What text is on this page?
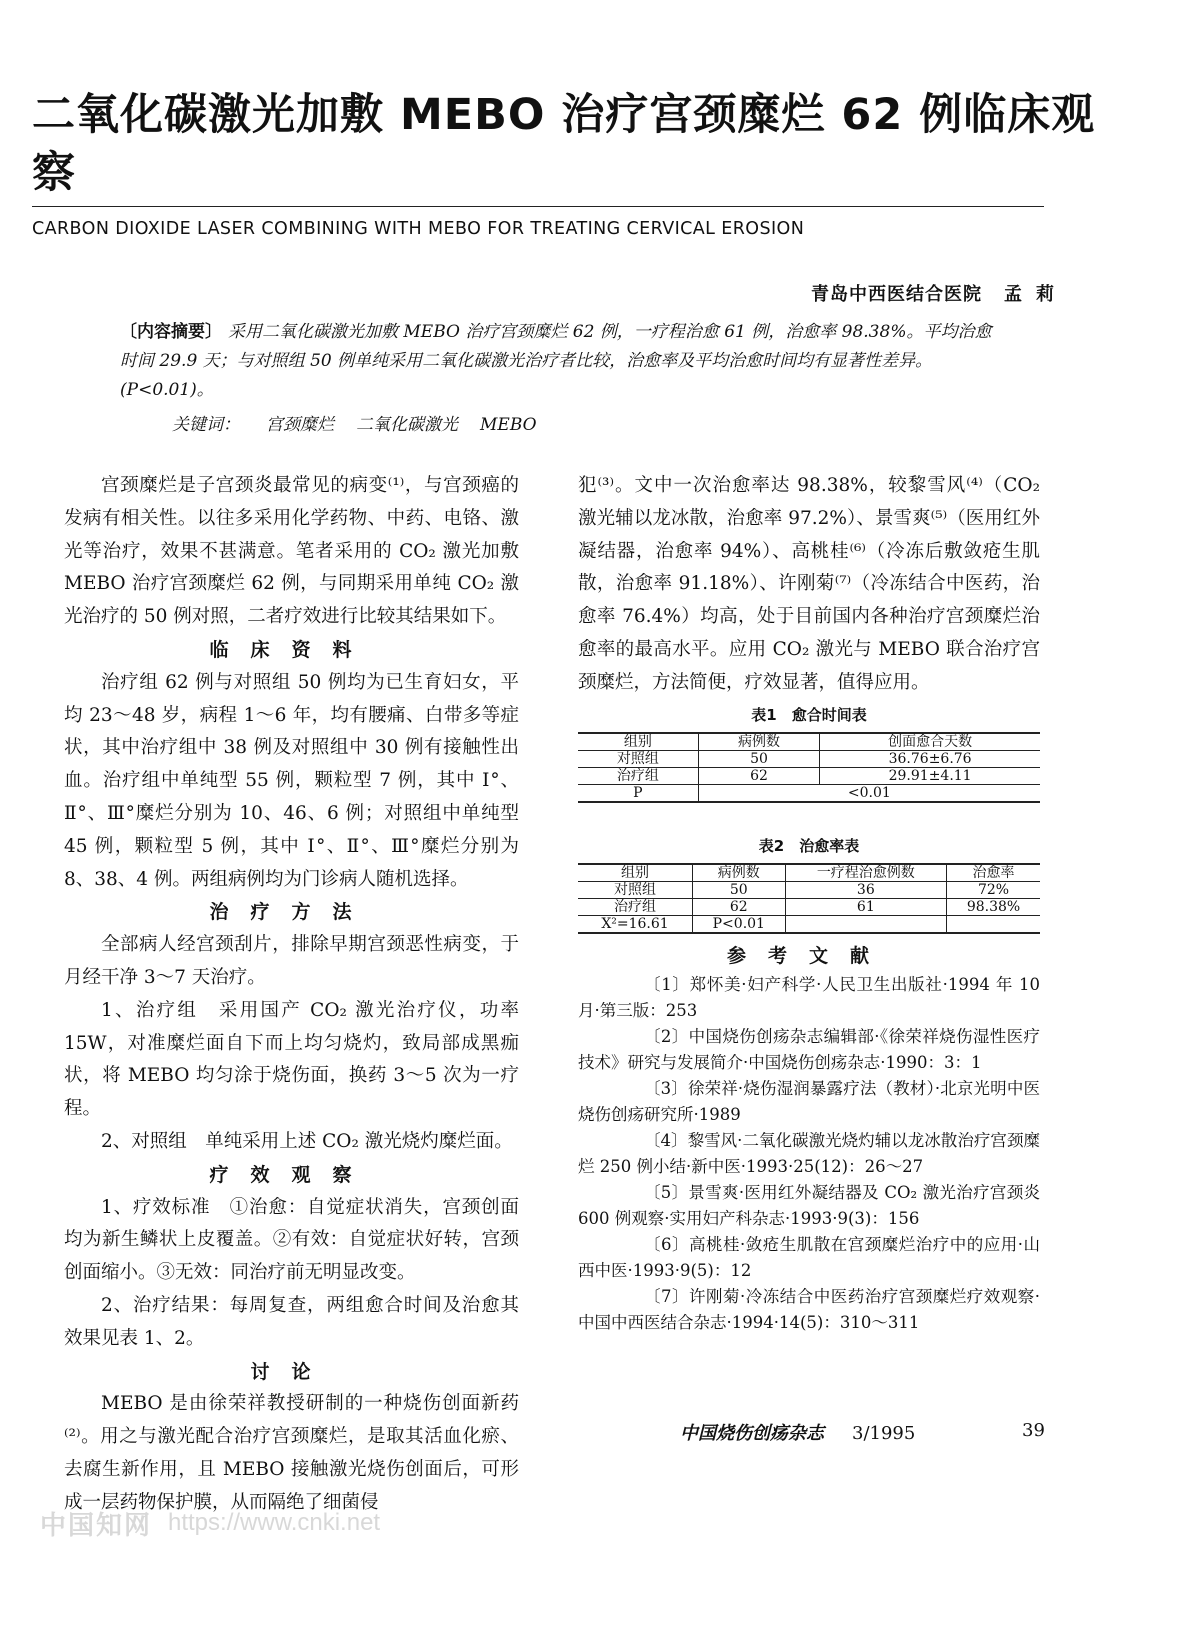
二氧化碳激光加敷 MEBO 治疗宫颈糜烂 62 例临床观察
CARBON DIOXIDE LASER COMBINING WITH MEBO FOR TREATING CERVICAL EROSION
青岛中西医结合医院 孟莉
〔内容摘要〕 采用二氧化碳激光加敷 MEBO 治疗宫颈糜烂 62 例，一疗程治愈 61 例，治愈率 98.38%。平均治愈时间 29.9 天；与对照组 50 例单纯采用二氧化碳激光治疗者比较，治愈率及平均治愈时间均有显著性差异。(P<0.01)。
关键词： 宫颈糜烂 二氧化碳激光 MEBO

宫颈糜烂是子宫颈炎最常见的病变⁽¹⁾，与宫颈癌的发病有相关性。以往多采用化学药物、中药、电铬、激光等治疗，效果不甚满意。笔者采用的 CO₂ 激光加敷 MEBO 治疗宫颈糜烂 62 例，与同期采用单纯 CO₂ 激光治疗的 50 例对照，二者疗效进行比较其结果如下。

临床资料

治疗组 62 例与对照组 50 例均为已生育妇女，平均 23～48 岁，病程 1～6 年，均有腰痛、白带多等症状，其中治疗组中 38 例及对照组中 30 例有接触性出血。治疗组中单纯型 55 例，颗粒型 7 例，其中 Ⅰ°、Ⅱ°、Ⅲ°糜烂分别为 10、46、6 例；对照组中单纯型 45 例，颗粒型 5 例，其中 Ⅰ°、Ⅱ°、Ⅲ°糜烂分别为 8、38、4 例。两组病例均为门诊病人随机选择。

治疗方法

全部病人经宫颈刮片，排除早期宫颈恶性病变，于月经干净 3～7 天治疗。

1、治疗组　采用国产 CO₂ 激光治疗仪，功率 15W，对准糜烂面自下而上均匀烧灼，致局部成黑痂状，将 MEBO 均匀涂于烧伤面，换药 3～5 次为一疗程。

2、对照组　单纯采用上述 CO₂ 激光烧灼糜烂面。

疗效观察

1、疗效标准　①治愈：自觉症状消失，宫颈创面均为新生鳞状上皮覆盖。②有效：自觉症状好转，宫颈创面缩小。③无效：同治疗前无明显改变。

2、治疗结果：每周复查，两组愈合时间及治愈其效果见表 1、2。

讨论

MEBO 是由徐荣祥教授研制的一种烧伤创面新药⁽²⁾。用之与激光配合治疗宫颈糜烂，是取其活血化瘀、去腐生新作用，且 MEBO 接触激光烧伤创面后，可形成一层药物保护膜，从而隔绝了细菌侵

犯⁽³⁾。文中一次治愈率达 98.38%，较黎雪风⁽⁴⁾（CO₂ 激光辅以龙冰散，治愈率 97.2%）、景雪爽⁽⁵⁾（医用红外凝结器，治愈率 94%）、高桃桂⁽⁶⁾（冷冻后敷敛疮生肌散，治愈率 91.18%）、许刚菊⁽⁷⁾（冷冻结合中医药，治愈率 76.4%）均高，处于目前国内各种治疗宫颈糜烂治愈率的最高水平。应用 CO₂ 激光与 MEBO 联合治疗宫颈糜烂，方法简便，疗效显著，值得应用。

表1　愈合时间表
组别	病例数	创面愈合天数
对照组	50	36.76±6.76
治疗组	62	29.91±4.11
P	<0.01	
表2　治愈率表
组别	病例数	一疗程治愈例数	治愈率
对照组	50	36	72%
治疗组	62	61	98.38%
X²=16.61	P<0.01		
参考文献

〔1〕郑怀美·妇产科学·人民卫生出版社·1994 年 10 月·第三版：253

〔2〕中国烧伤创疡杂志编辑部·《徐荣祥烧伤湿性医疗技术》研究与发展简介·中国烧伤创疡杂志·1990：3：1

〔3〕徐荣祥·烧伤湿润暴露疗法（教材）·北京光明中医烧伤创疡研究所·1989

〔4〕黎雪风·二氧化碳激光烧灼辅以龙冰散治疗宫颈糜烂 250 例小结·新中医·1993·25(12)：26～27

〔5〕景雪爽·医用红外凝结器及 CO₂ 激光治疗宫颈炎 600 例观察·实用妇产科杂志·1993·9(3)：156

〔6〕高桃桂·敛疮生肌散在宫颈糜烂治疗中的应用·山西中医·1993·9(5)：12

〔7〕许刚菊·冷冻结合中医药治疗宫颈糜烂疗效观察·中国中西医结合杂志·1994·14(5)：310～311

中国烧伤创疡杂志 3/1995	39
中国知网 https://www.cnki.net
